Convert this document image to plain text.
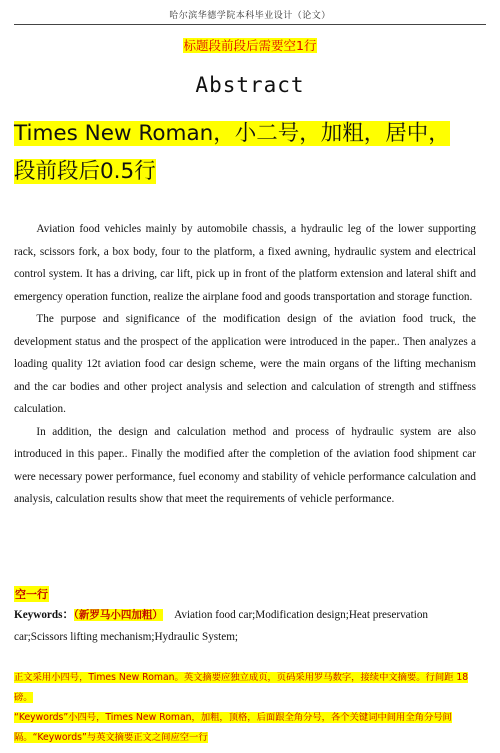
哈尔滨华德学院本科毕业设计（论文）
标题段前段后需要空1行
Abstract
Times New Roman，小二号，加粗，居中，
段前段后0.5行

Aviation food vehicles mainly by automobile chassis, a hydraulic leg of the lower supporting rack, scissors fork, a box body, four to the platform, a fixed awning, hydraulic system and electrical control system. It has a driving, car lift, pick up in front of the platform extension and lateral shift and emergency operation function, realize the airplane food and goods transportation and storage function.

The purpose and significance of the modification design of the aviation food truck, the development status and the prospect of the application were introduced in the paper.. Then analyzes a loading quality 12t aviation food car design scheme, were the main organs of the lifting mechanism and the car bodies and other project analysis and selection and calculation of strength and stiffness calculation.

In addition, the design and calculation method and process of hydraulic system are also introduced in this paper.. Finally the modified after the completion of the aviation food shipment car were necessary power performance, fuel economy and stability of vehicle performance calculation and analysis, calculation results show that meet the requirements of vehicle performance.

空一行
Keywords：（新罗马小四加粗） Aviation food car;Modification design;Heat preservation car;Scissors lifting mechanism;Hydraulic System;
正文采用小四号，Times New Roman。英文摘要应独立成页，页码采用罗马数字，接续中文摘要。行间距 18磅。
“Keywords”小四号，Times New Roman，加粗，顶格，后面跟全角分号，各个关键词中间用全角分号间隔。“Keywords”与英文摘要正文之间应空一行
